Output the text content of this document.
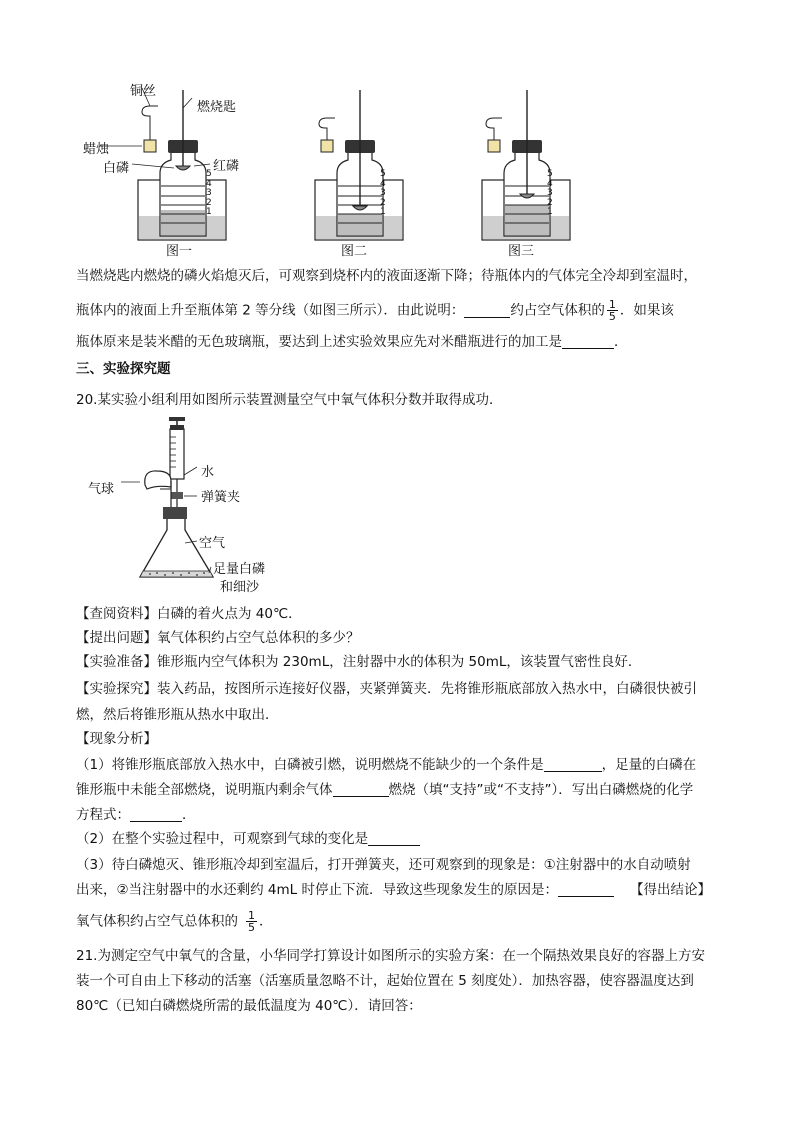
铜丝
燃烧匙
蜡烛
白磷	红磷
5
4
3
2
1
5
4
3
2
1
5
4
3
2
1
图一	图二	图三
当燃烧匙内燃烧的磷火焰熄灭后，可观察到烧杯内的液面逐渐下降；待瓶体内的气体完全冷却到室温时，
瓶体内的液面上升至瓶体第 2 等分线（如图三所示）．由此说明：	约占空气体积的 $\frac{1}{5}$ ．如果该
瓶体原来是装米醋的无色玻璃瓶，要达到上述实验效果应先对米醋瓶进行的加工是	．
三、实验探究题
20.某实验小组利用如图所示装置测量空气中氧气体积分数并取得成功．
水
气球
弹簧夹
空气
足量白磷
和细沙
【查阅资料】白磷的着火点为 40℃．
【提出问题】氧气体积约占空气总体积的多少？
【实验准备】锥形瓶内空气体积为 230mL，注射器中水的体积为 50mL，该装置气密性良好．
【实验探究】装入药品，按图所示连接好仪器，夹紧弹簧夹．先将锥形瓶底部放入热水中，白磷很快被引
燃，然后将锥形瓶从热水中取出．
【现象分析】
（1）将锥形瓶底部放入热水中，白磷被引燃，说明燃烧不能缺少的一个条件是	，足量的白磷在
锥形瓶中未能全部燃烧，说明瓶内剩余气体	燃烧（填“支持”或“不支持”）．写出白磷燃烧的化学
方程式：	．
（2）在整个实验过程中，可观察到气球的变化是
（3）待白磷熄灭、锥形瓶冷却到室温后，打开弹簧夹，还可观察到的现象是：①注射器中的水自动喷射
出来，②当注射器中的水还剩约 4mL 时停止下流．导致这些现象发生的原因是：	【得出结论】
氧气体积约占空气总体积的 $\frac{1}{5}$ ．
21.为测定空气中氧气的含量，小华同学打算设计如图所示的实验方案：在一个隔热效果良好的容器上方安
装一个可自由上下移动的活塞（活塞质量忽略不计，起始位置在 5 刻度处）．加热容器，使容器温度达到
80℃（已知白磷燃烧所需的最低温度为 40℃）．请回答：
